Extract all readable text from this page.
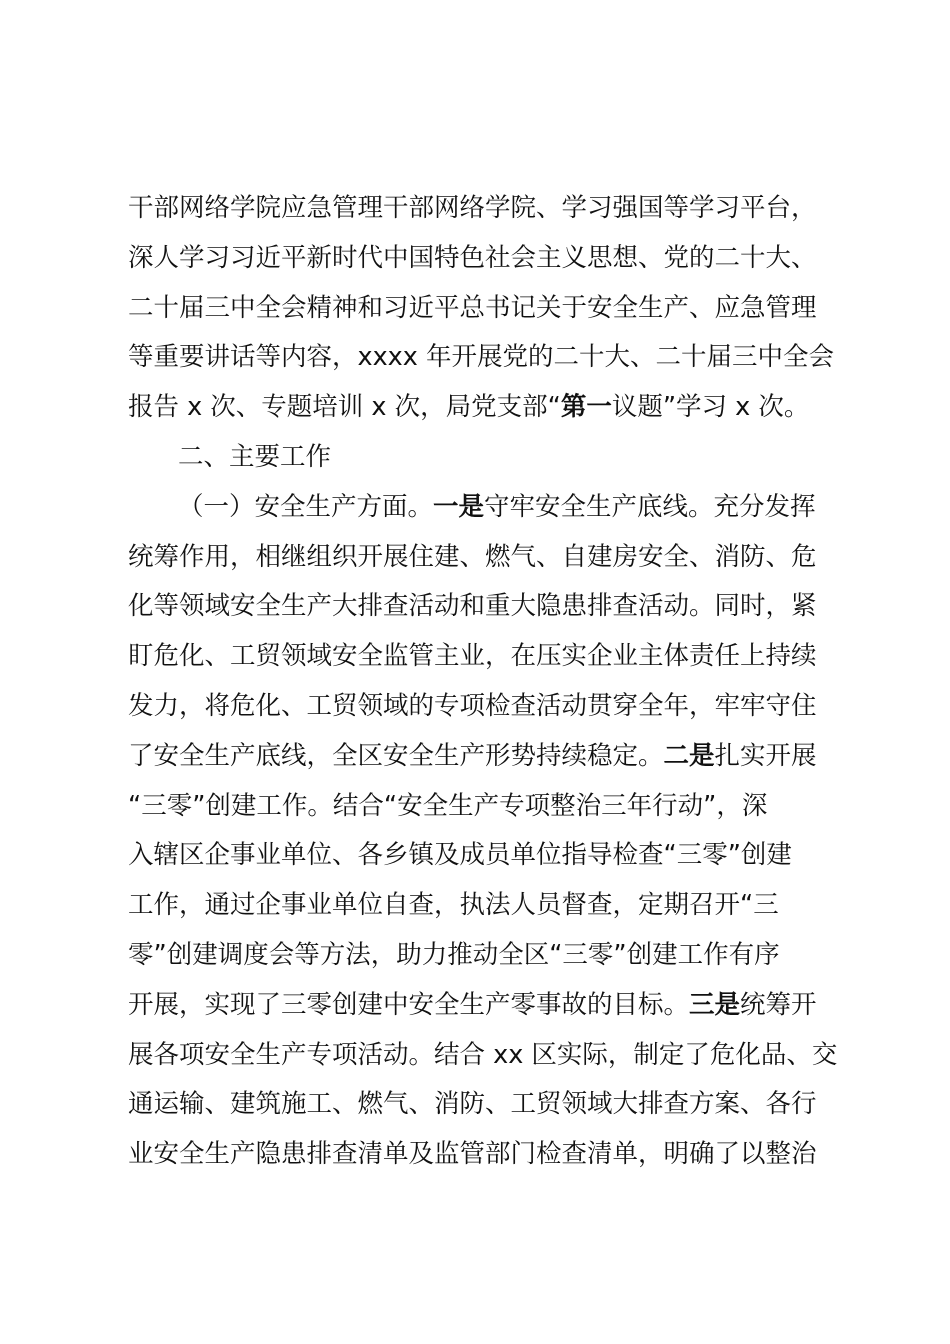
干部网络学院应急管理干部网络学院、学习强国等学习平台，
深人学习习近平新时代中国特色社会主义思想、党的二十大、
二十届三中全会精神和习近平总书记关于安全生产、应急管理
等重要讲话等内容，xxxx 年开展党的二十大、二十届三中全会
报告 x 次、专题培训 x 次，局党支部“第一议题”学习 x 次。
二、主要工作
（一）安全生产方面。一是守牢安全生产底线。充分发挥
统筹作用，相继组织开展住建、燃气、自建房安全、消防、危
化等领域安全生产大排查活动和重大隐患排查活动。同时，紧
盯危化、工贸领域安全监管主业，在压实企业主体责任上持续
发力，将危化、工贸领域的专项检查活动贯穿全年，牢牢守住
了安全生产底线，全区安全生产形势持续稳定。二是扎实开展
“三零”创建工作。结合“安全生产专项整治三年行动”，深
入辖区企事业单位、各乡镇及成员单位指导检查“三零”创建
工作，通过企事业单位自查，执法人员督查，定期召开“三
零”创建调度会等方法，助力推动全区“三零”创建工作有序
开展，实现了三零创建中安全生产零事故的目标。三是统筹开
展各项安全生产专项活动。结合 xx 区实际，制定了危化品、交
通运输、建筑施工、燃气、消防、工贸领域大排查方案、各行
业安全生产隐患排查清单及监管部门检查清单，明确了以整治
